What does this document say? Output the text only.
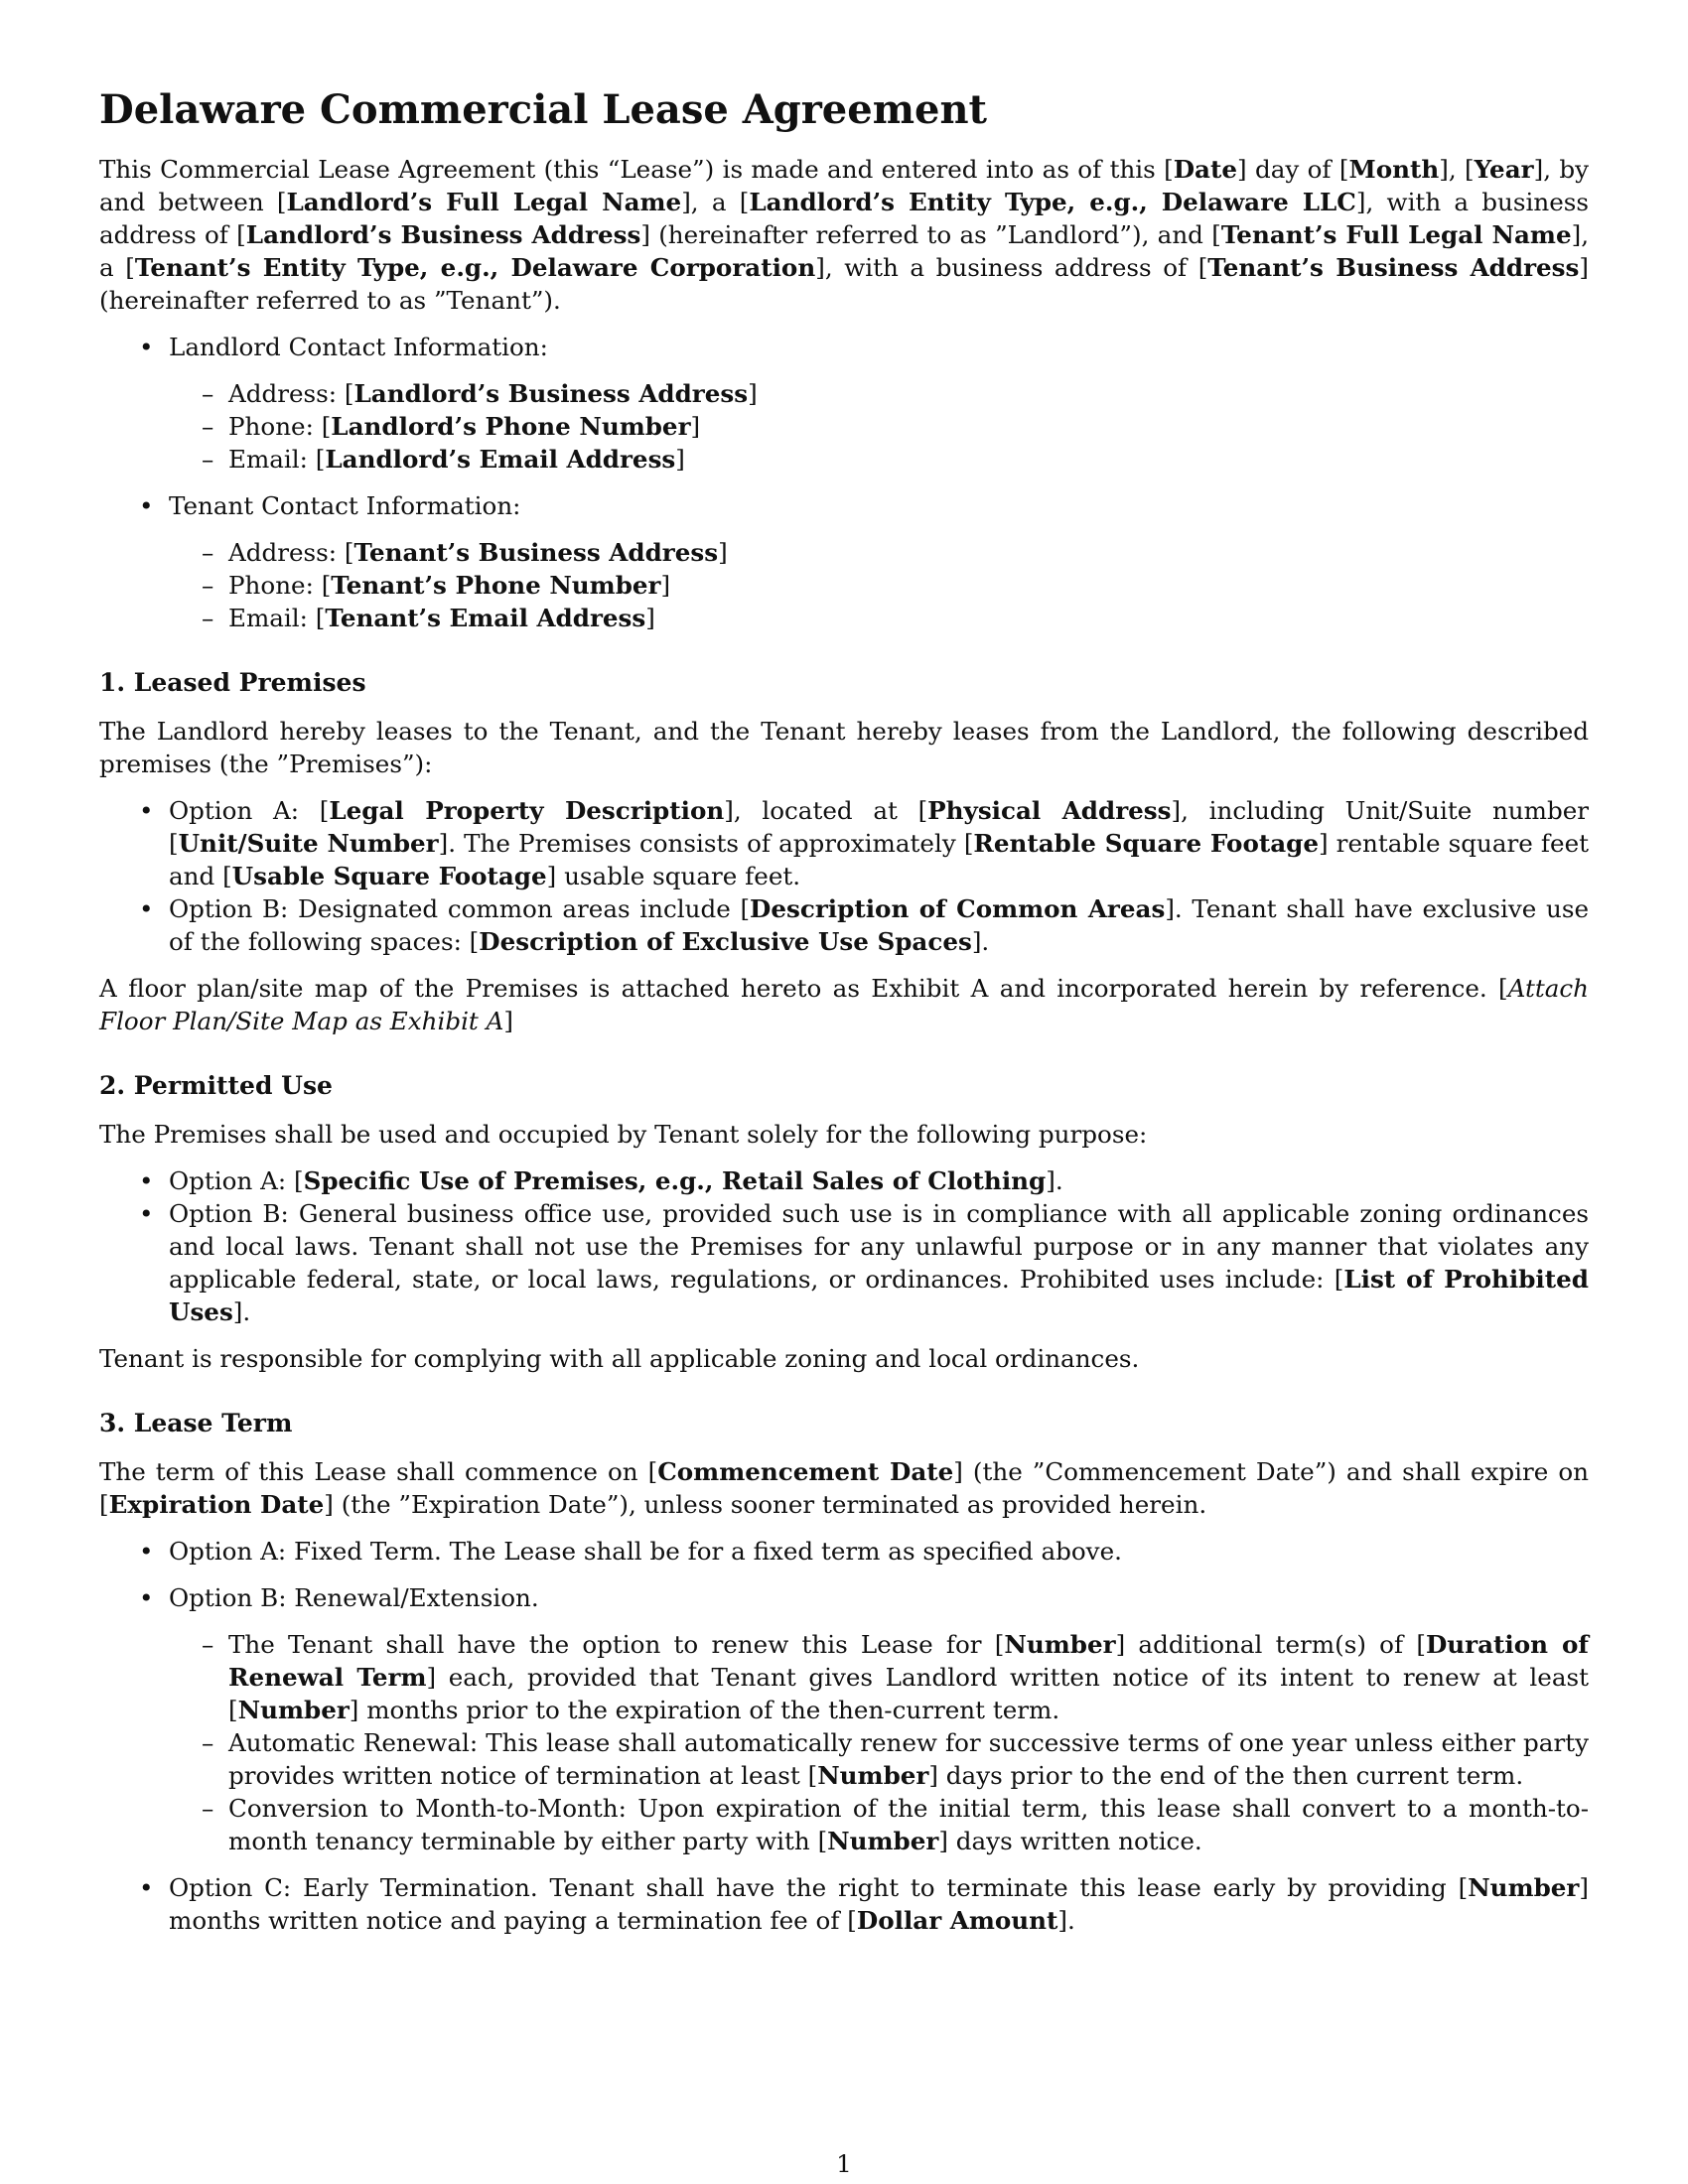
Delaware Commercial Lease Agreement

This Commercial Lease Agreement (this “Lease”) is made and entered into as of this [Date] day of [Month], [Year], by and between [Landlord’s Full Legal Name], a [Landlord’s Entity Type, e.g., Delaware LLC], with a business address of [Landlord’s Business Address] (hereinafter referred to as ”Landlord”), and [Tenant’s Full Legal Name], a [Tenant’s Entity Type, e.g., Delaware Corporation], with a business address of [Tenant’s Business Address] (hereinafter referred to as ”Tenant”).

• Landlord Contact Information:
– Address: [Landlord’s Business Address]
– Phone: [Landlord’s Phone Number]
– Email: [Landlord’s Email Address]
• Tenant Contact Information:
– Address: [Tenant’s Business Address]
– Phone: [Tenant’s Phone Number]
– Email: [Tenant’s Email Address]
1. Leased Premises

The Landlord hereby leases to the Tenant, and the Tenant hereby leases from the Landlord, the following described premises (the ”Premises”):

• Option A: [Legal Property Description], located at [Physical Address], including Unit/Suite number [Unit/Suite Number]. The Premises consists of approximately [Rentable Square Footage] rentable square feet and [Usable Square Footage] usable square feet.
• Option B: Designated common areas include [Description of Common Areas]. Tenant shall have exclusive use of the following spaces: [Description of Exclusive Use Spaces].

A floor plan/site map of the Premises is attached hereto as Exhibit A and incorporated herein by reference. [Attach Floor Plan/Site Map as Exhibit A]

2. Permitted Use

The Premises shall be used and occupied by Tenant solely for the following purpose:

• Option A: [Specific Use of Premises, e.g., Retail Sales of Clothing].
• Option B: General business office use, provided such use is in compliance with all applicable zoning ordinances and local laws. Tenant shall not use the Premises for any unlawful purpose or in any manner that violates any applicable federal, state, or local laws, regulations, or ordinances. Prohibited uses include: [List of Prohibited Uses].

Tenant is responsible for complying with all applicable zoning and local ordinances.

3. Lease Term

The term of this Lease shall commence on [Commencement Date] (the ”Commencement Date”) and shall expire on [Expiration Date] (the ”Expiration Date”), unless sooner terminated as provided herein.

• Option A: Fixed Term. The Lease shall be for a fixed term as specified above.
• Option B: Renewal/Extension.
– The Tenant shall have the option to renew this Lease for [Number] additional term(s) of [Duration of Renewal Term] each, provided that Tenant gives Landlord written notice of its intent to renew at least [Number] months prior to the expiration of the then-current term.
– Automatic Renewal: This lease shall automatically renew for successive terms of one year unless either party provides written notice of termination at least [Number] days prior to the end of the then current term.
– Conversion to Month-to-Month: Upon expiration of the initial term, this lease shall convert to a month-to-month tenancy terminable by either party with [Number] days written notice.
• Option C: Early Termination. Tenant shall have the right to terminate this lease early by providing [Number] months written notice and paying a termination fee of [Dollar Amount].
1
